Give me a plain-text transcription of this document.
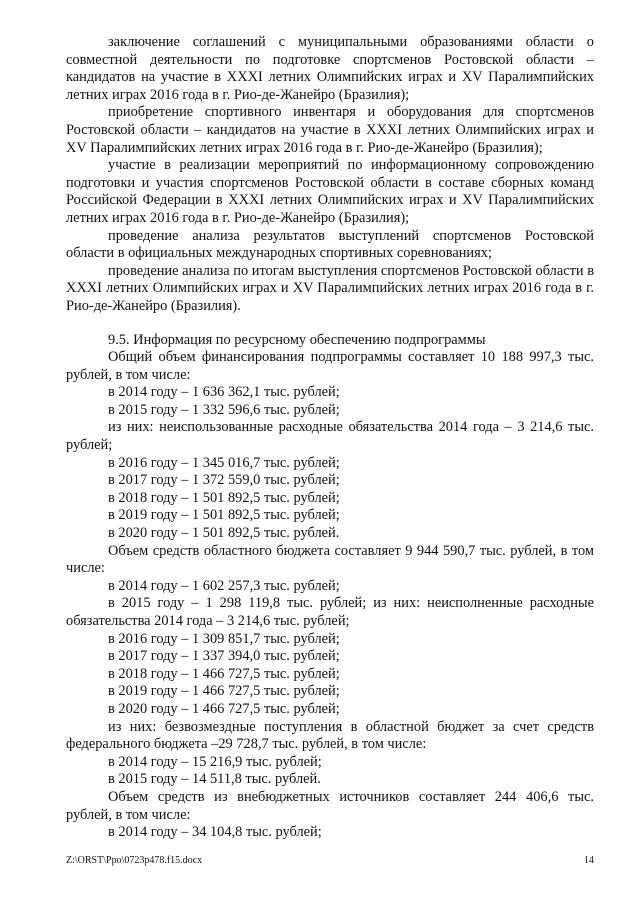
заключение соглашений с муниципальными образованиями области о совместной деятельности по подготовке спортсменов Ростовской области – кандидатов на участие в XXXI летних Олимпийских играх и XV Паралимпийских летних играх 2016 года в г. Рио-де-Жанейро (Бразилия);

приобретение спортивного инвентаря и оборудования для спортсменов Ростовской области – кандидатов на участие в XXXI летних Олимпийских играх и XV Паралимпийских летних играх 2016 года в г. Рио-де-Жанейро (Бразилия);

участие в реализации мероприятий по информационному сопровождению подготовки и участия спортсменов Ростовской области в составе сборных команд Российской Федерации в XXXI летних Олимпийских играх и XV Паралимпийских летних играх 2016 года в г. Рио-де-Жанейро (Бразилия);

проведение анализа результатов выступлений спортсменов Ростовской области в официальных международных спортивных соревнованиях;

проведение анализа по итогам выступления спортсменов Ростовской области в XXXI летних Олимпийских играх и XV Паралимпийских летних играх 2016 года в г. Рио-де-Жанейро (Бразилия).

9.5. Информация по ресурсному обеспечению подпрограммы

Общий объем финансирования подпрограммы составляет 10 188 997,3 тыс. рублей, в том числе:

в 2014 году – 1 636 362,1 тыс. рублей;

в 2015 году – 1 332 596,6 тыс. рублей;

из них: неиспользованные расходные обязательства 2014 года – 3 214,6 тыс. рублей;

в 2016 году – 1 345 016,7 тыс. рублей;

в 2017 году – 1 372 559,0 тыс. рублей;

в 2018 году – 1 501 892,5 тыс. рублей;

в 2019 году – 1 501 892,5 тыс. рублей;

в 2020 году – 1 501 892,5 тыс. рублей.

Объем средств областного бюджета составляет 9 944 590,7 тыс. рублей, в том числе:

в 2014 году – 1 602 257,3 тыс. рублей;

в 2015 году – 1 298 119,8 тыс. рублей; из них: неисполненные расходные обязательства 2014 года – 3 214,6 тыс. рублей;

в 2016 году – 1 309 851,7 тыс. рублей;

в 2017 году – 1 337 394,0 тыс. рублей;

в 2018 году – 1 466 727,5 тыс. рублей;

в 2019 году – 1 466 727,5 тыс. рублей;

в 2020 году – 1 466 727,5 тыс. рублей;

из них: безвозмездные поступления в областной бюджет за счет средств федерального бюджета –29 728,7 тыс. рублей, в том числе:

в 2014 году – 15 216,9 тыс. рублей;

в 2015 году – 14 511,8 тыс. рублей.

Объем средств из внебюджетных источников составляет 244 406,6 тыс. рублей, в том числе:

в 2014 году – 34 104,8 тыс. рублей;

Z:\ORST\Ppo\0723p478.f15.docx	14
